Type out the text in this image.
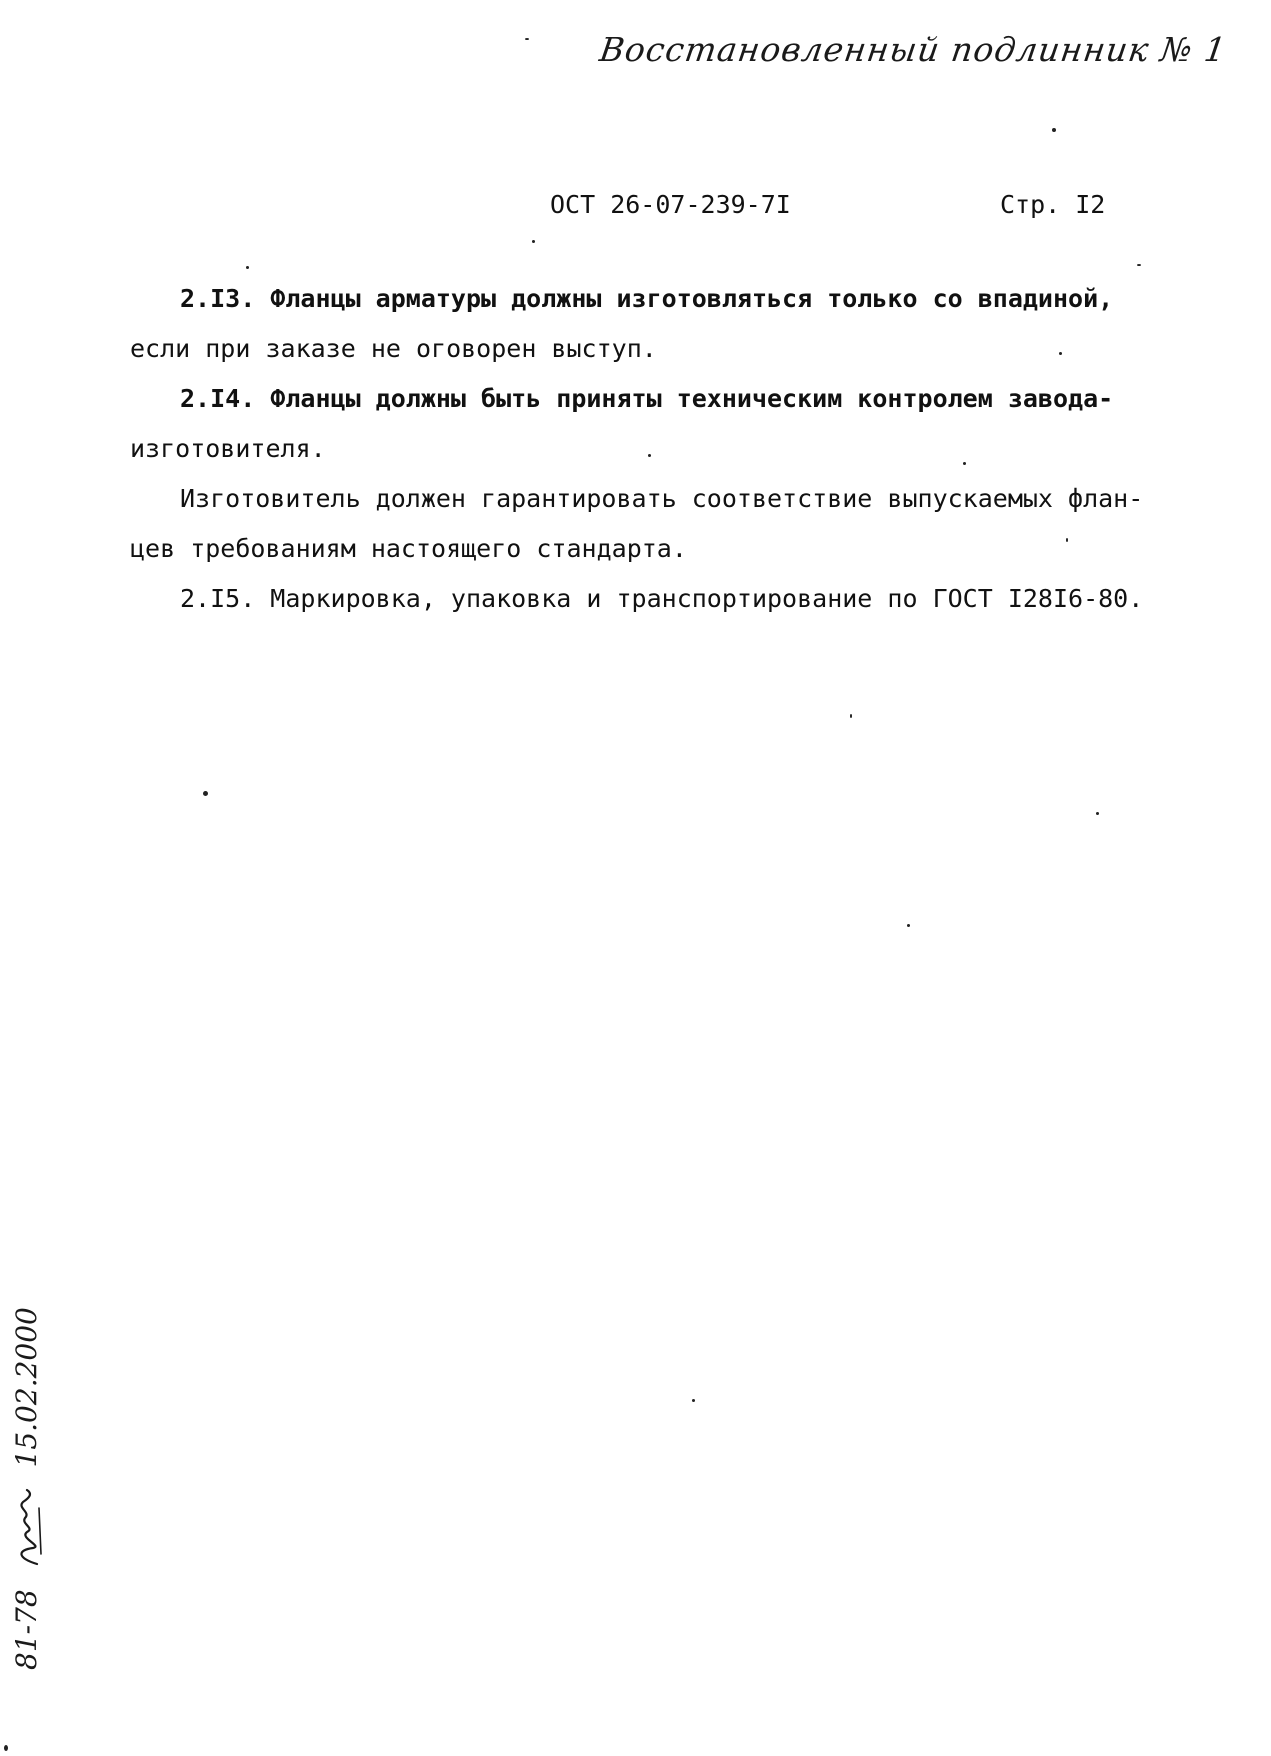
Восстановленный подлинник № 1
ОСТ 26-07-239-7I	Стр. I2
2.I3. Фланцы арматуры должны изготовляться только со впадиной,
если при заказе не оговорен выступ.
2.I4. Фланцы должны быть приняты техническим контролем завода-
изготовителя.
Изготовитель должен гарантировать соответствие выпускаемых флан-
цев требованиям настоящего стандарта.
2.I5. Маркировка, упаковка и транспортирование по ГОСТ I28I6-80.
81-78  15.02.2000
